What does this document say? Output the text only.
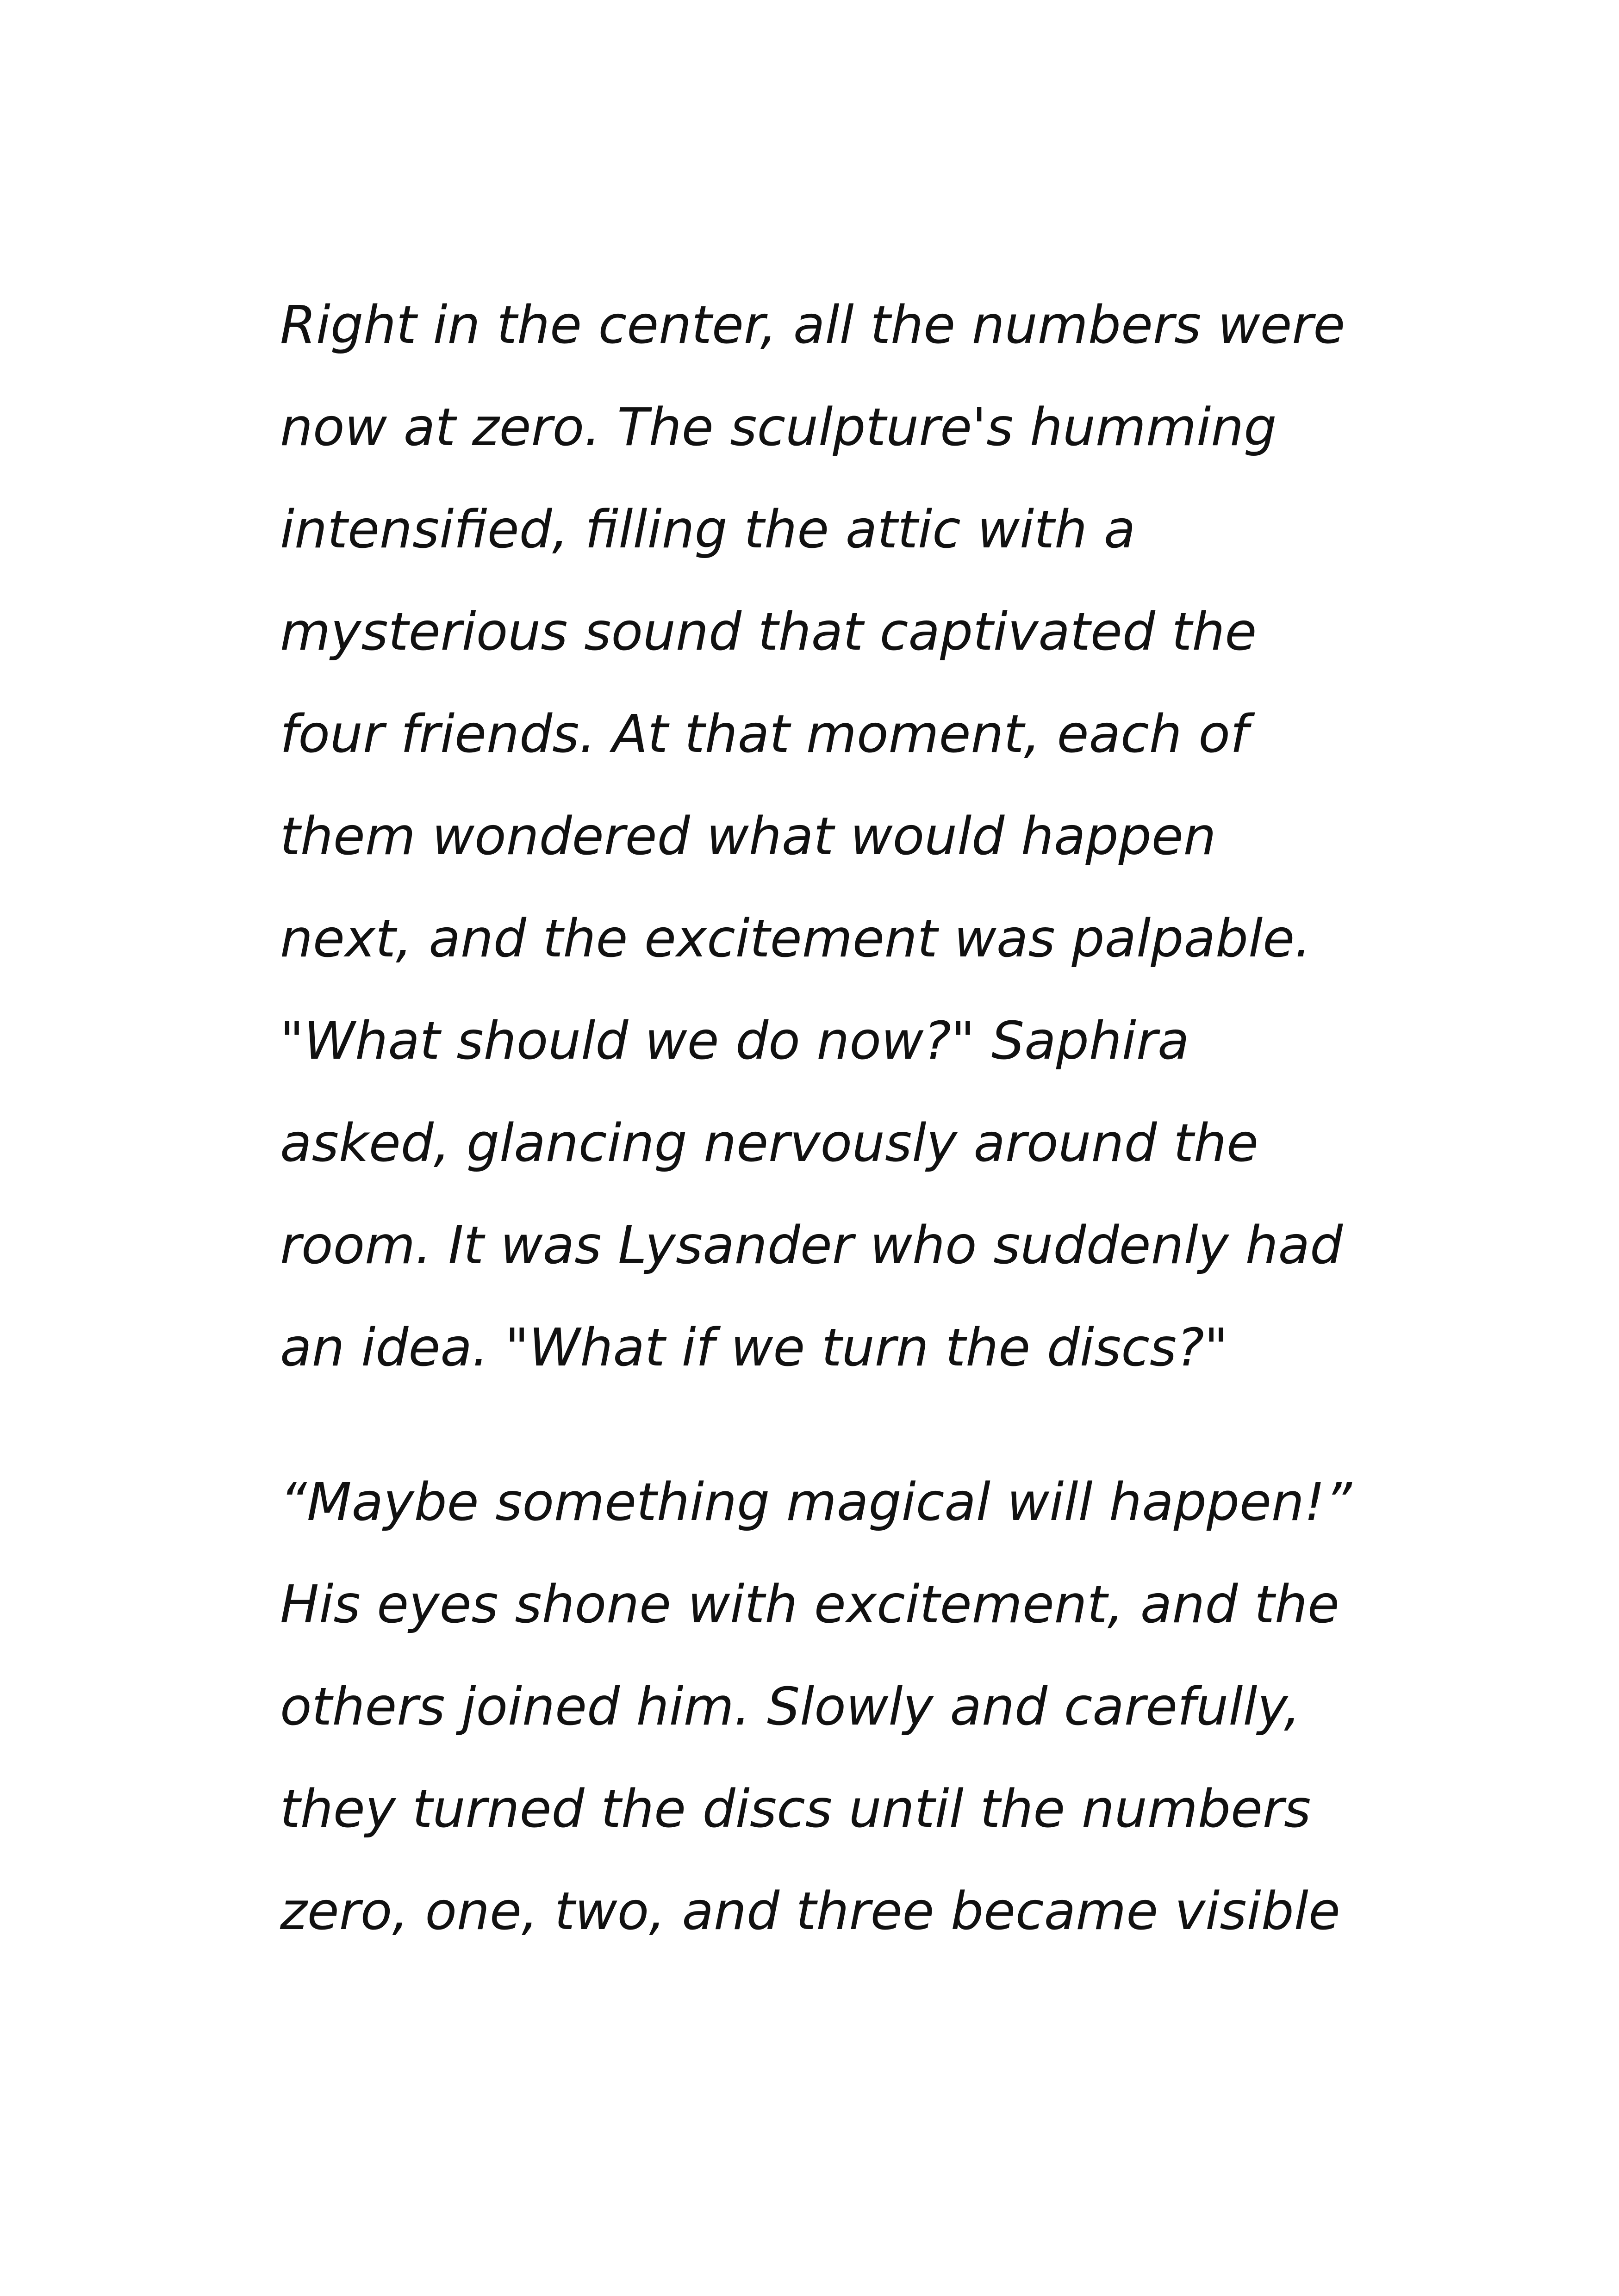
Right in the center, all the numbers were
now at zero. The sculpture's humming
intensified, filling the attic with a
mysterious sound that captivated the
four friends. At that moment, each of
them wondered what would happen
next, and the excitement was palpable.
"What should we do now?" Saphira
asked, glancing nervously around the
room. It was Lysander who suddenly had
an idea. "What if we turn the discs?"
“Maybe something magical will happen!”
His eyes shone with excitement, and the
others joined him. Slowly and carefully,
they turned the discs until the numbers
zero, one, two, and three became visible
